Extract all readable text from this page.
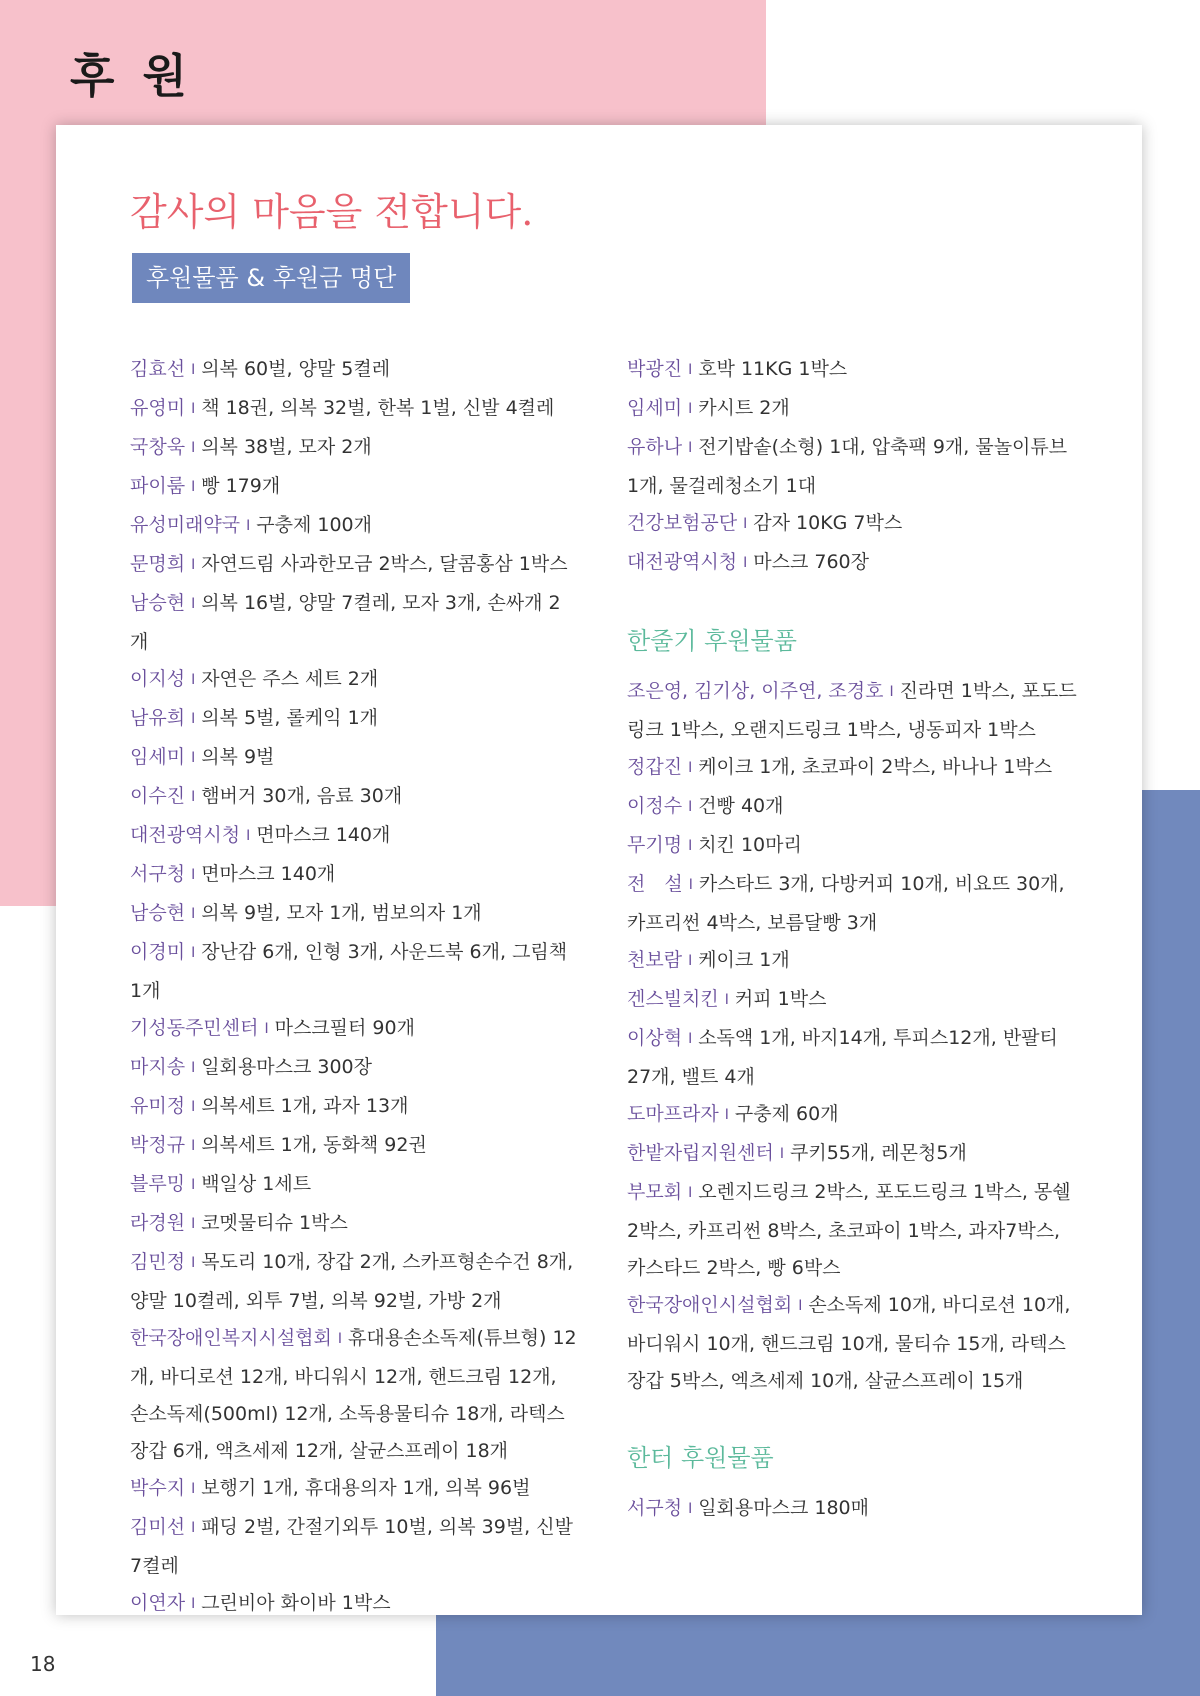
후 원
감사의 마음을 전합니다.
후원물품 & 후원금 명단

김효선 I 의복 60벌, 양말 5켤레

유영미 I 책 18권, 의복 32벌, 한복 1벌, 신발 4켤레

국창욱 I 의복 38벌, 모자 2개

파이룸 I 빵 179개

유성미래약국 I 구충제 100개

문명희 I 자연드림 사과한모금 2박스, 달콤홍삼 1박스

남승현 I 의복 16벌, 양말 7켤레, 모자 3개, 손싸개 2개

이지성 I 자연은 주스 세트 2개

남유희 I 의복 5벌, 롤케익 1개

임세미 I 의복 9벌

이수진 I 햄버거 30개, 음료 30개

대전광역시청 I 면마스크 140개

서구청 I 면마스크 140개

남승현 I 의복 9벌, 모자 1개, 범보의자 1개

이경미 I 장난감 6개, 인형 3개, 사운드북 6개, 그림책 1개

기성동주민센터 I 마스크필터 90개

마지송 I 일회용마스크 300장

유미정 I 의복세트 1개, 과자 13개

박정규 I 의복세트 1개, 동화책 92권

블루밍 I 백일상 1세트

라경원 I 코멧물티슈 1박스

김민정 I 목도리 10개, 장갑 2개, 스카프형손수건 8개, 양말 10켤레, 외투 7벌, 의복 92벌, 가방 2개

한국장애인복지시설협회 I 휴대용손소독제(튜브형) 12개, 바디로션 12개, 바디워시 12개, 핸드크림 12개, 손소독제(500ml) 12개, 소독용물티슈 18개, 라텍스장갑 6개, 액츠세제 12개, 살균스프레이 18개

박수지 I 보행기 1개, 휴대용의자 1개, 의복 96벌

김미선 I 패딩 2벌, 간절기외투 10벌, 의복 39벌, 신발 7켤레

이연자 I 그린비아 화이바 1박스

박광진 I 호박 11KG 1박스

임세미 I 카시트 2개

유하나 I 전기밥솥(소형) 1대, 압축팩 9개, 물놀이튜브 1개, 물걸레청소기 1대

건강보험공단 I 감자 10KG 7박스

대전광역시청 I 마스크 760장

한줄기 후원물품

조은영, 김기상, 이주연, 조경호 I 진라면 1박스, 포도드링크 1박스, 오랜지드링크 1박스, 냉동피자 1박스

정갑진 I 케이크 1개, 초코파이 2박스, 바나나 1박스

이정수 I 건빵 40개

무기명 I 치킨 10마리

전　설 I 카스타드 3개, 다방커피 10개, 비요뜨 30개, 카프리썬 4박스, 보름달빵 3개

천보람 I 케이크 1개

겐스빌치킨 I 커피 1박스

이상혁 I 소독액 1개, 바지14개, 투피스12개, 반팔티27개, 밸트 4개

도마프라자 I 구충제 60개

한밭자립지원센터 I 쿠키55개, 레몬청5개

부모회 I 오렌지드링크 2박스, 포도드링크 1박스, 몽쉘 2박스, 카프리썬 8박스, 초코파이 1박스, 과자7박스, 카스타드 2박스, 빵 6박스

한국장애인시설협회 I 손소독제 10개, 바디로션 10개, 바디워시 10개, 핸드크림 10개, 물티슈 15개, 라텍스장갑 5박스, 엑츠세제 10개, 살균스프레이 15개

한터 후원물품

서구청 I 일회용마스크 180매

18
